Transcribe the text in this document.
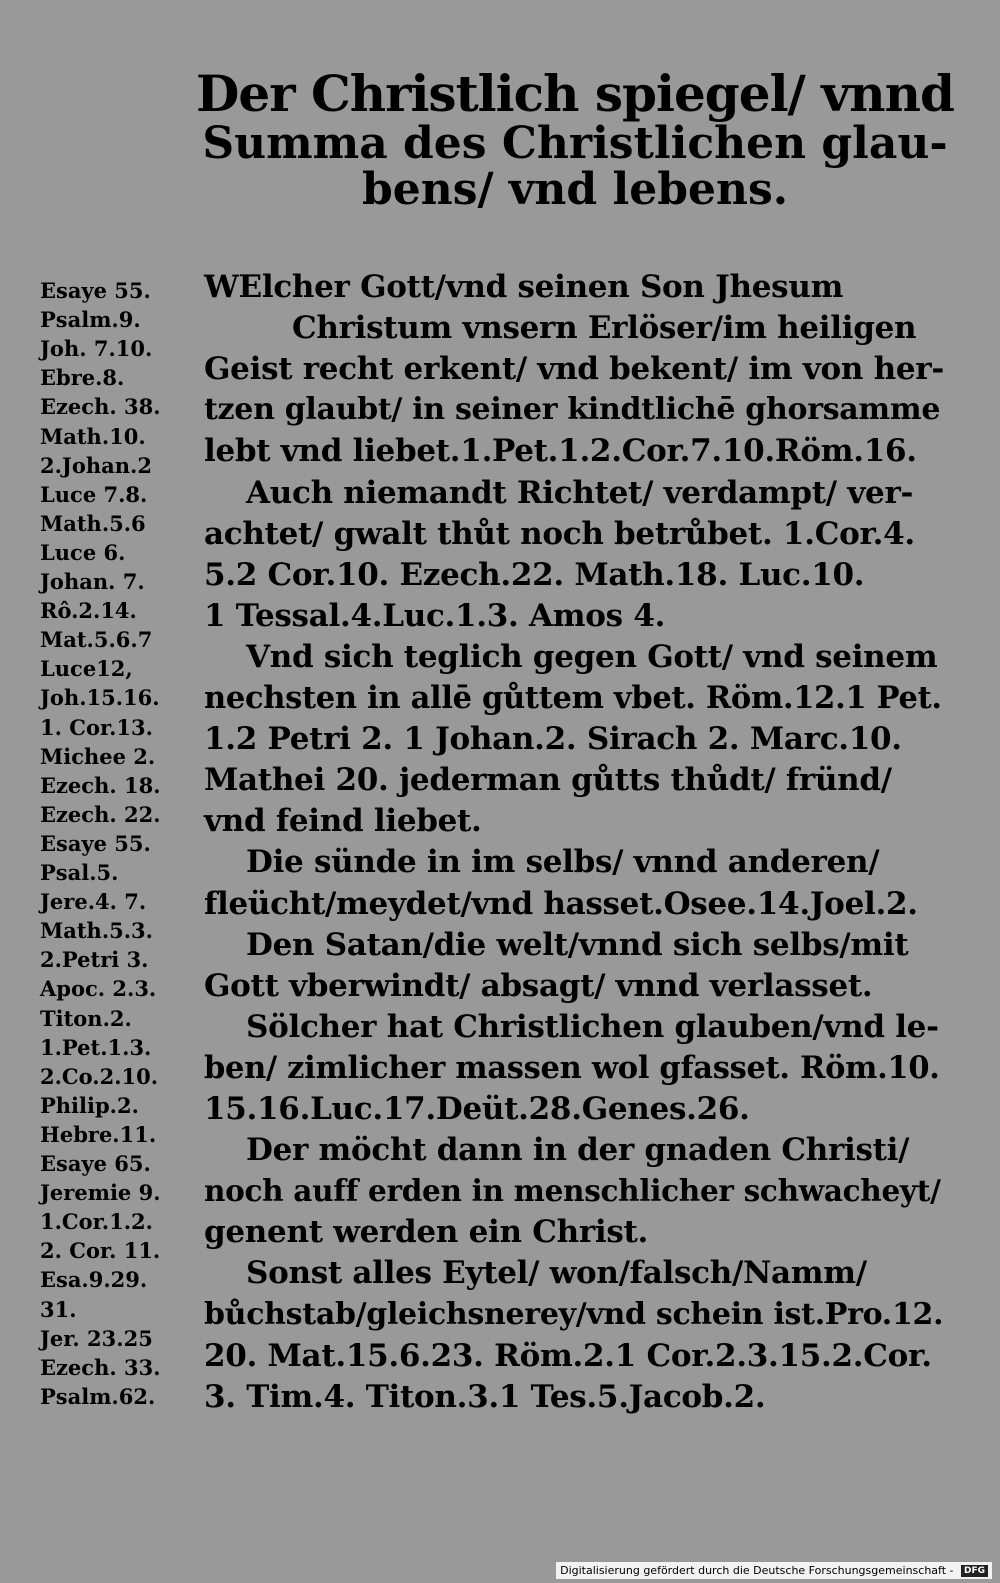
Der Christlich spiegel/ vnnd
Summa des Christlichen glau-
bens/ vnd lebens.
Esaye 55.
Psalm.9.
Joh. 7.10.
Ebre.8.
Ezech. 38.
Math.10.
2.Johan.2
Luce 7.8.
Math.5.6
Luce 6.
Johan. 7.
Rô.2.14.
Mat.5.6.7
Luce12,
Joh.15.16.
1. Cor.13.
Michee 2.
Ezech. 18.
Ezech. 22.
Esaye 55.
Psal.5.
Jere.4. 7.
Math.5.3.
2.Petri 3.
Apoc. 2.3.
Titon.2.
1.Pet.1.3.
2.Co.2.10.
Philip.2.
Hebre.11.
Esaye 65.
Jeremie 9.
1.Cor.1.2.
2. Cor. 11.
Esa.9.29.
31.
Jer. 23.25
Ezech. 33.
Psalm.62.
WElcher Gott/vnd seinen Son Jhesum
Christum vnsern Erlöser/im heiligen
Geist recht erkent/ vnd bekent/ im von her-
tzen glaubt/ in seiner kindtlichē ghorsamme
lebt vnd liebet.1.Pet.1.2.Cor.7.10.Röm.16.
Auch niemandt Richtet/ verdampt/ ver-
achtet/ gwalt thůt noch betrůbet. 1.Cor.4.
5.2 Cor.10. Ezech.22. Math.18. Luc.10.
1 Tessal.4.Luc.1.3. Amos 4.
Vnd sich teglich gegen Gott/ vnd seinem
nechsten in allē gůttem vbet. Röm.12.1 Pet.
1.2 Petri 2. 1 Johan.2. Sirach 2. Marc.10.
Mathei 20. jederman gůtts thůdt/ fründ/
vnd feind liebet.
Die sünde in im selbs/ vnnd anderen/
fleücht/meydet/vnd hasset.Osee.14.Joel.2.
Den Satan/die welt/vnnd sich selbs/mit
Gott vberwindt/ absagt/ vnnd verlasset.
Sölcher hat Christlichen glauben/vnd le-
ben/ zimlicher massen wol gfasset. Röm.10.
15.16.Luc.17.Deüt.28.Genes.26.
Der möcht dann in der gnaden Christi/
noch auff erden in menschlicher schwacheyt/
genent werden ein Christ.
Sonst alles Eytel/ won/falsch/Namm/
bůchstab/gleichsnerey/vnd schein ist.Pro.12.
20. Mat.15.6.23. Röm.2.1 Cor.2.3.15.2.Cor.
3. Tim.4. Titon.3.1 Tes.5.Jacob.2.
Digitalisierung gefördert durch die Deutsche Forschungsgemeinschaft - DFG
